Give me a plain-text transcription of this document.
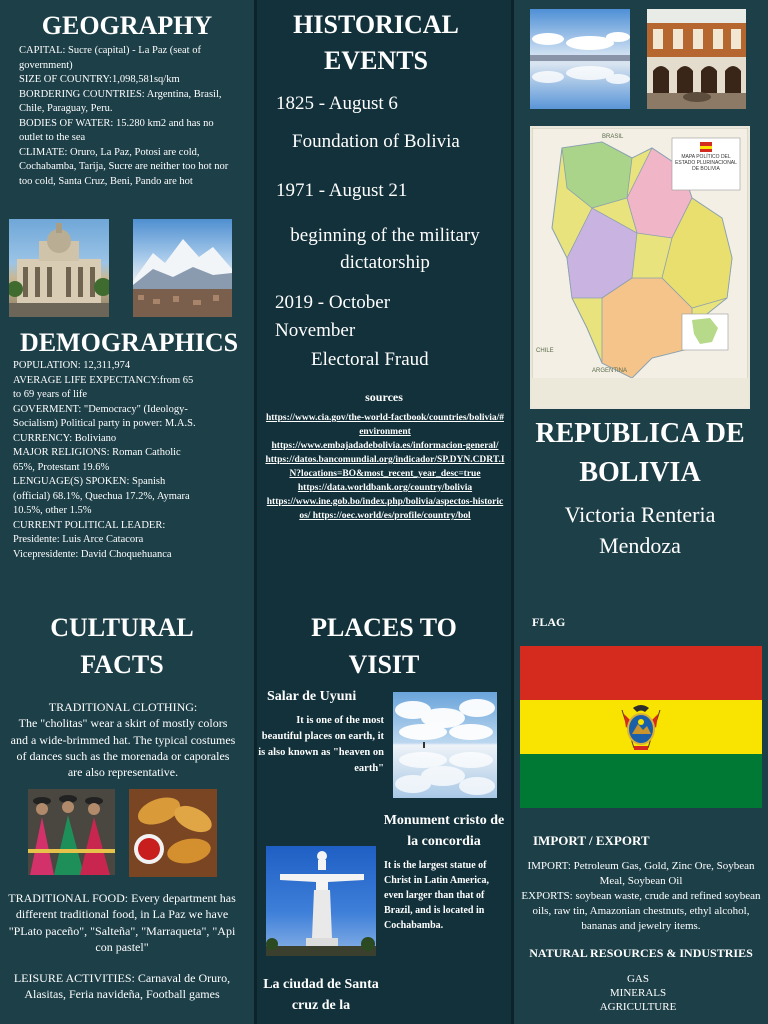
GEOGRAPHY
CAPITAL: Sucre (capital) - La Paz (seat of government)
SIZE OF COUNTRY:1,098,581sq/km
BORDERING COUNTRIES: Argentina, Brasil, Chile, Paraguay, Peru.
BODIES OF WATER: 15.280 km2 and has no outlet to the sea
CLIMATE: Oruro, La Paz, Potosi are cold, Cochabamba, Tarija, Sucre are neither too hot nor too cold, Santa Cruz, Beni, Pando are hot
DEMOGRAPHICS
POPULATION: 12,311,974
AVERAGE LIFE EXPECTANCY:from 65 to 69 years of life
GOVERMENT: "Democracy" (Ideology- Socialism) Political party in power: M.A.S.
CURRENCY: Boliviano
MAJOR RELIGIONS: Roman Catholic 65%, Protestant 19.6%
LENGUAGE(S) SPOKEN: Spanish (official) 68.1%, Quechua 17.2%, Aymara 10.5%, other 1.5%
CURRENT POLITICAL LEADER:
Presidente: Luis Arce Catacora
Vicepresidente: David Choquehuanca
CULTURAL
FACTS
TRADITIONAL CLOTHING:
The "cholitas" wear a skirt of mostly colors and a wide-brimmed hat. The typical costumes of dances such as the morenada or caporales are also representative.
TRADITIONAL FOOD: Every department has different traditional food, in La Paz we have "PLato paceño", "Salteña", "Marraqueta", "Api con pastel"
LEISURE ACTIVITIES: Carnaval de Oruro, Alasitas, Feria navideña, Football games
HISTORICAL
EVENTS
1825 - August 6
Foundation of Bolivia
1971 - August 21
beginning of the military dictatorship
2019 - October
November
Electoral Fraud
sources
https://www.cia.gov/the-world-factbook/countries/bolivia/#environment
https://www.embajadadebolivia.es/informacion-general/
https://datos.bancomundial.org/indicador/SP.DYN.CDRT.IN?locations=BO&most_recent_year_desc=true
https://data.worldbank.org/country/bolivia
https://www.ine.gob.bo/index.php/bolivia/aspectos-historicos/ https://oec.world/es/profile/country/bol
PLACES TO
VISIT
Salar de Uyuni
It is one of the most beautiful places on earth, it is also known as "heaven on earth"
Monument cristo de la concordia
It is the largest statue of Christ in Latin America, even larger than that of Brazil, and is located in Cochabamba.
La ciudad de Santa cruz de la
MAPA POLÍTICO DEL ESTADO PLURINACIONAL DE BOLIVIA
BRASIL
ARGENTINA
CHILE
REPUBLICA DE
BOLIVIA
Victoria Renteria
Mendoza
FLAG
IMPORT / EXPORT
IMPORT: Petroleum Gas, Gold, Zinc Ore, Soybean Meal, Soybean Oil
EXPORTS: soybean waste, crude and refined soybean oils, raw tin, Amazonian chestnuts, ethyl alcohol, bananas and jewelry items.
NATURAL RESOURCES & INDUSTRIES
GAS
MINERALS
AGRICULTURE
